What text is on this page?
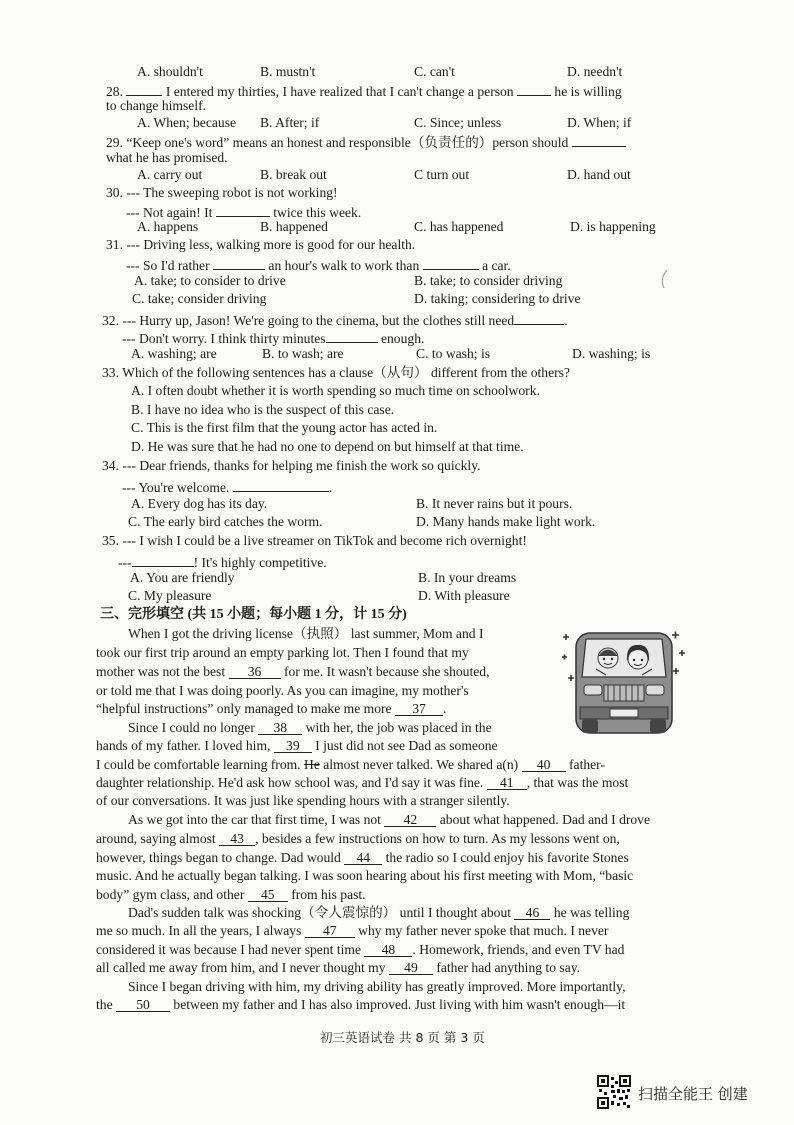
A. shouldn't	B. mustn't	C. can't	D. needn't
28.	I entered my thirties, I have realized that I can't change a person	he is willing
to change himself.
A. When; because B. After; if	C. Since; unless	D. When; if
29. “Keep one's word” means an honest and responsible（负责任的）person should
what he has promised.
A. carry out	B. break out	C turn out	D. hand out
30. --- The sweeping robot is not working!
--- Not again! It	twice this week.
A. happens	B. happened	C. has happened	D. is happening
31. --- Driving less, walking more is good for our health.
--- So I'd rather	an hour's walk to work than	a car.
A. take; to consider to drive	B. take; to consider driving
C. take; consider driving	D. taking; considering to drive
32. --- Hurry up, Jason! We're going to the cinema, but the clothes still need	.
--- Don't worry. I think thirty minutes	enough.
A. washing; are	B. to wash; are	C. to wash; is	D. washing; is
33. Which of the following sentences has a clause（从句） different from the others?
A. I often doubt whether it is worth spending so much time on schoolwork.
B. I have no idea who is the suspect of this case.
C. This is the first film that the young actor has acted in.
D. He was sure that he had no one to depend on but himself at that time.
34. --- Dear friends, thanks for helping me finish the work so quickly.
--- You're welcome.	.
A. Every dog has its day.	B. It never rains but it pours.
C. The early bird catches the worm.	D. Many hands make light work.
35. --- I wish I could be a live streamer on TikTok and become rich overnight!
---	! It's highly competitive.
A. You are friendly	B. In your dreams
C. My pleasure	D. With pleasure
三、完形填空 (共 15 小题；每小题 1 分，计 15 分)
When I got the driving license（执照） last summer, Mom and I
took our first trip around an empty parking lot. Then I found that my
mother was not the best 36 for me. It wasn't because she shouted,
or told me that I was doing poorly. As you can imagine, my mother's
“helpful instructions” only managed to make me more 37 .
Since I could no longer 38 with her, the job was placed in the
hands of my father. I loved him, 39 I just did not see Dad as someone
I could be comfortable learning from. He almost never talked. We shared a(n) 40 father-
daughter relationship. He'd ask how school was, and I'd say it was fine. 41 , that was the most
of our conversations. It was just like spending hours with a stranger silently.
As we got into the car that first time, I was not 42 about what happened. Dad and I drove
around, saying almost 43 , besides a few instructions on how to turn. As my lessons went on,
however, things began to change. Dad would 44 the radio so I could enjoy his favorite Stones
music. And he actually began talking. I was soon hearing about his first meeting with Mom, “basic
body” gym class, and other 45 from his past.
Dad's sudden talk was shocking（令人震惊的） until I thought about 46 he was telling
me so much. In all the years, I always 47 why my father never spoke that much. I never
considered it was because I had never spent time 48 . Homework, friends, and even TV had
all called me away from him, and I never thought my 49 father had anything to say.
Since I began driving with him, my driving ability has greatly improved. More importantly,
the 50 between my father and I has also improved. Just living with him wasn't enough—it
初三英语试卷 共 8 页 第 3 页
扫描全能王 创建
